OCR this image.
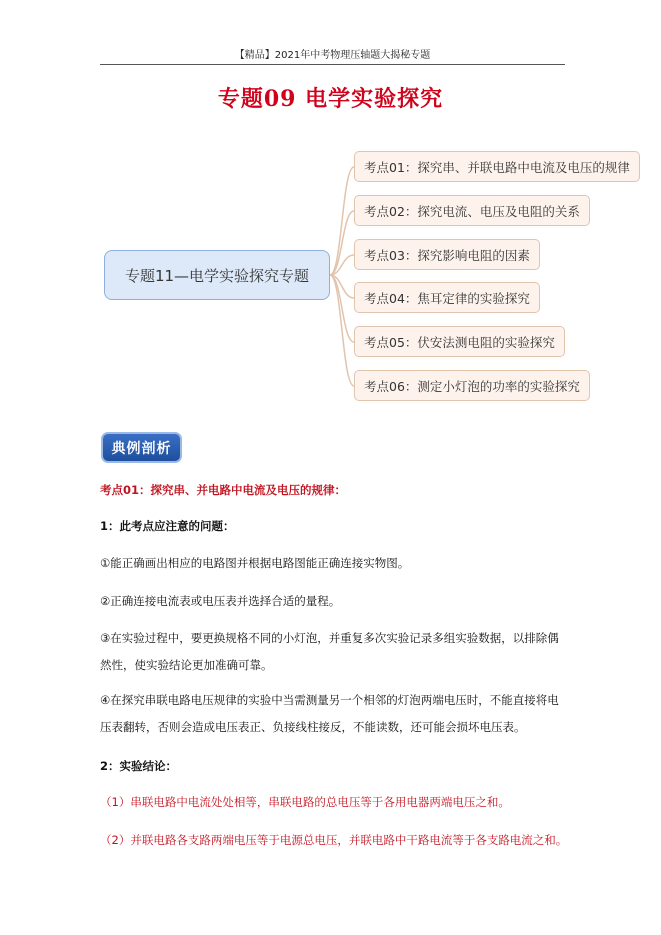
【精品】2021年中考物理压轴题大揭秘专题
专题09 电学实验探究
专题11—电学实验探究专题
考点01：探究串、并联电路中电流及电压的规律
考点02：探究电流、电压及电阻的关系
考点03：探究影响电阻的因素
考点04：焦耳定律的实验探究
考点05：伏安法测电阻的实验探究
考点06：测定小灯泡的功率的实验探究
典例剖析
考点01：探究串、并电路中电流及电压的规律：
1：此考点应注意的问题：
①能正确画出相应的电路图并根据电路图能正确连接实物图。
②正确连接电流表或电压表并选择合适的量程。
③在实验过程中，要更换规格不同的小灯泡，并重复多次实验记录多组实验数据，以排除偶
然性，使实验结论更加准确可靠。
④在探究串联电路电压规律的实验中当需测量另一个相邻的灯泡两端电压时，不能直接将电
压表翻转，否则会造成电压表正、负接线柱接反，不能读数，还可能会损坏电压表。
2：实验结论：
（1）串联电路中电流处处相等，串联电路的总电压等于各用电器两端电压之和。
（2）并联电路各支路两端电压等于电源总电压，并联电路中干路电流等于各支路电流之和。
